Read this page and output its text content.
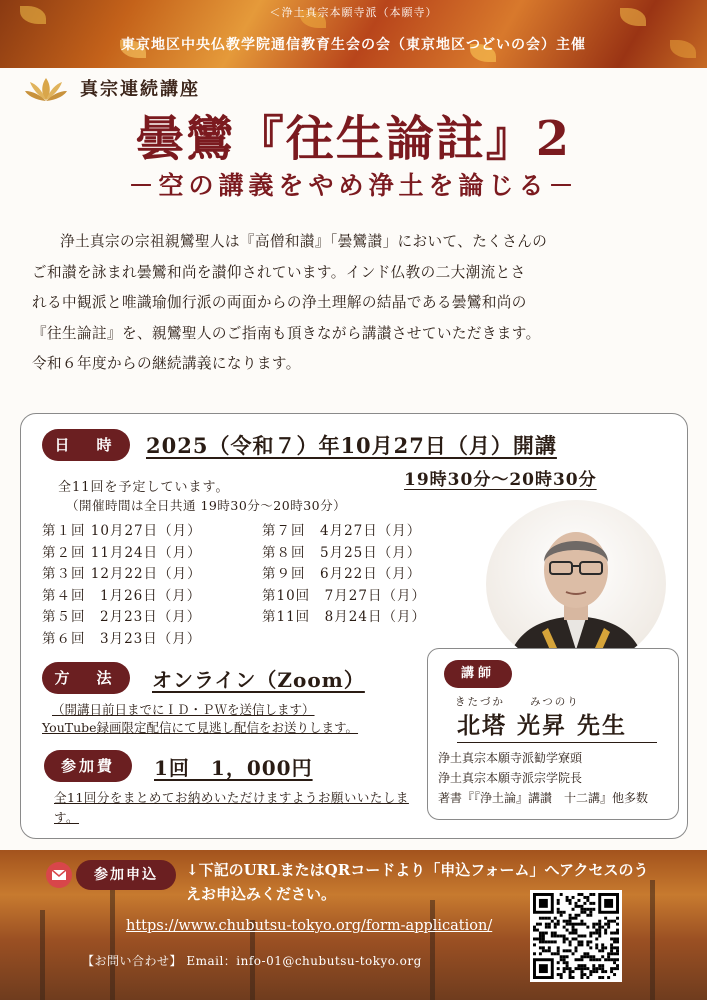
＜浄土真宗本願寺派（本願寺）
東京地区中央仏教学院通信教育生会の会（東京地区つどいの会）主催
真宗連続講座
曇鸞『往生論註』2
－空の講義をやめ浄土を論じる－
浄土真宗の宗祖親鸞聖人は『高僧和讃』「曇鸞讃」において、たくさんの
ご和讃を詠まれ曇鸞和尚を讃仰されています。インド仏教の二大潮流とさ
れる中観派と唯識瑜伽行派の両面からの浄土理解の結晶である曇鸞和尚の
『往生論註』を、親鸞聖人のご指南も頂きながら講讃させていただきます。
令和６年度からの継続講義になります。
日　時	2025（令和７）年10月27日（月）開講
19時30分～20時30分
全11回を予定しています。
（開催時間は全日共通 19時30分～20時30分）
第１回 10月27日（月）
第２回 11月24日（月）
第３回 12月22日（月）
第４回　1月26日（月）
第５回　2月23日（月）
第６回　3月23日（月）
第７回　4月27日（月）
第８回　5月25日（月）
第９回　6月22日（月）
第10回　7月27日（月）
第11回　8月24日（月）
方　法	オンライン（Zoom）
（開講日前日までにＩＤ・ＰＷを送信します）
YouTube録画限定配信にて見逃し配信をお送りします。
参加費	1回　1，000円
全11回分をまとめてお納めいただけますようお願いいたします。
講師
きたづか　　みつのり
北塔 光昇 先生
浄土真宗本願寺派勧学寮頭
浄土真宗本願寺派宗学院長
著書『『浄土論』講讃　十二講』他多数
参加申込	↓下記のURLまたはQRコードより「申込フォーム」へアクセスのうえお申込みください。
https://www.chubutsu-tokyo.org/form-application/
【お問い合わせ】 Email：info-01@chubutsu-tokyo.org
